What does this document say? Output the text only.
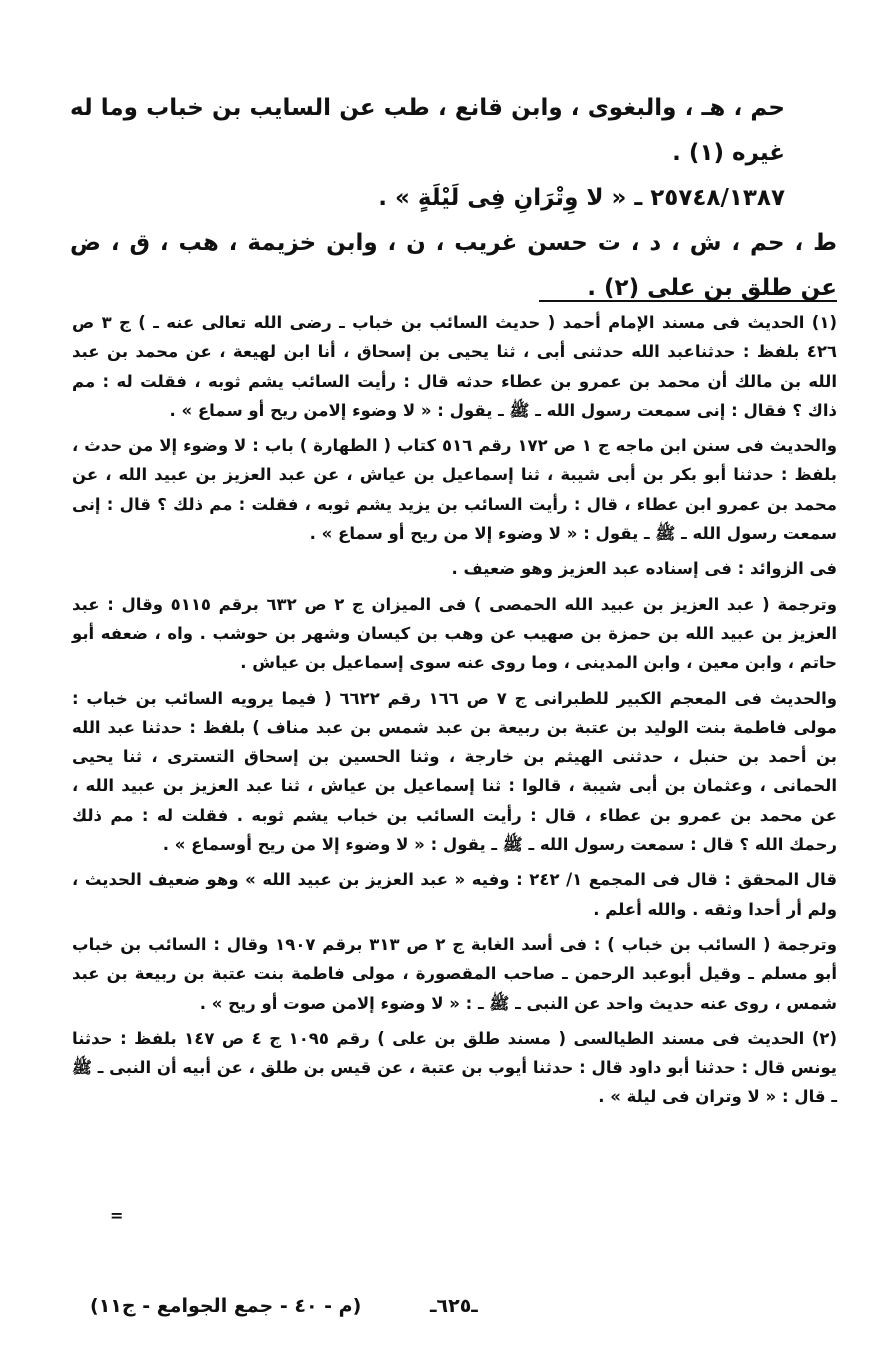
حم ، هـ ، والبغوى ، وابن قانع ، طب عن السايب بن خباب وما له غيره (١) .

٢٥٧٤٨/١٣٨٧ ـ « لا وِتْرَانِ فِى لَيْلَةٍ » .

ط ، حم ، ش ، د ، ت حسن غريب ، ن ، وابن خزيمة ، هب ، ق ، ض عن طلق بن على (٢) .

(١) الحديث فى مسند الإمام أحمد ( حديث السائب بن خباب ـ رضى الله تعالى عنه ـ ) ج ٣ ص ٤٢٦ بلفظ : حدثناعبد الله حدثنى أبى ، ثنا يحيى بن إسحاق ، أنا ابن لهيعة ، عن محمد بن عبد الله بن مالك أن محمد بن عمرو بن عطاء حدثه قال : رأيت السائب يشم ثوبه ، فقلت له : مم ذاك ؟ فقال : إنى سمعت رسول الله ـ ﷺ ـ يقول : « لا وضوء إلامن ريح أو سماع » .

والحديث فى سنن ابن ماجه ج ١ ص ١٧٢ رقم ٥١٦ كتاب ( الطهارة ) باب : لا وضوء إلا من حدث ، بلفظ : حدثنا أبو بكر بن أبى شيبة ، ثنا إسماعيل بن عياش ، عن عبد العزيز بن عبيد الله ، عن محمد بن عمرو ابن عطاء ، قال : رأيت السائب بن يزيد يشم ثوبه ، فقلت : مم ذلك ؟ قال : إنى سمعت رسول الله ـ ﷺ ـ يقول : « لا وضوء إلا من ريح أو سماع » .

فى الزوائد : فى إسناده عبد العزيز وهو ضعيف .

وترجمة ( عبد العزيز بن عبيد الله الحمصى ) فى الميزان ج ٢ ص ٦٣٢ برقم ٥١١٥ وقال : عبد العزيز بن عبيد الله بن حمزة بن صهيب عن وهب بن كيسان وشهر بن حوشب . واه ، ضعفه أبو حاتم ، وابن معين ، وابن المدينى ، وما روى عنه سوى إسماعيل بن عياش .

والحديث فى المعجم الكبير للطبرانى ج ٧ ص ١٦٦ رقم ٦٦٢٢ ( فيما يرويه السائب بن خباب : مولى فاطمة بنت الوليد بن عتبة بن ربيعة بن عبد شمس بن عبد مناف ) بلفظ : حدثنا عبد الله بن أحمد بن حنبل ، حدثنى الهيثم بن خارجة ، وثنا الحسين بن إسحاق التسترى ، ثنا يحيى الحمانى ، وعثمان بن أبى شيبة ، قالوا : ثنا إسماعيل بن عياش ، ثنا عبد العزيز بن عبيد الله ، عن محمد بن عمرو بن عطاء ، قال : رأيت السائب بن خباب يشم ثوبه . فقلت له : مم ذلك رحمك الله ؟ قال : سمعت رسول الله ـ ﷺ ـ يقول : « لا وضوء إلا من ريح أوسماع » .

قال المحقق : قال فى المجمع ١/ ٢٤٢ : وفيه « عبد العزيز بن عبيد الله » وهو ضعيف الحديث ، ولم أر أحدا وثقه . والله أعلم .

وترجمة ( السائب بن خباب ) : فى أسد الغابة ج ٢ ص ٣١٣ برقم ١٩٠٧ وقال : السائب بن خباب أبو مسلم ـ وقيل أبوعبد الرحمن ـ صاحب المقصورة ، مولى فاطمة بنت عتبة بن ربيعة بن عبد شمس ، روى عنه حديث واحد عن النبى ـ ﷺ ـ : « لا وضوء إلامن صوت أو ريح » .

(٢) الحديث فى مسند الطيالسى ( مسند طلق بن على ) رقم ١٠٩٥ ج ٤ ص ١٤٧ بلفظ : حدثنا يونس قال : حدثنا أبو داود قال : حدثنا أيوب بن عتبة ، عن قيس بن طلق ، عن أبيه أن النبى ـ ﷺ ـ قال : « لا وتران فى ليلة » .

=
ـ٦٢٥ـ
(م - ٤٠ - جمع الجوامع - ج١١)
